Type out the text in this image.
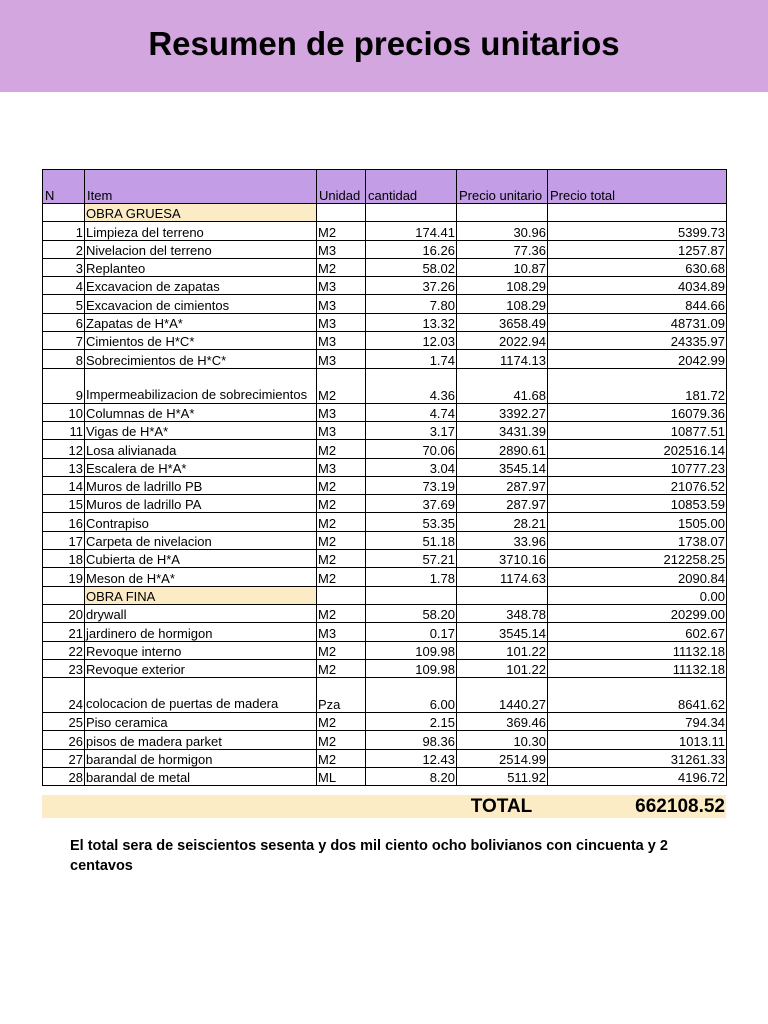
Resumen de precios unitarios
N	Item	Unidad	cantidad	Precio unitario	Precio total
	OBRA GRUESA				
1	Limpieza del terreno	M2	174.41	30.96	5399.73
2	Nivelacion del terreno	M3	16.26	77.36	1257.87
3	Replanteo	M2	58.02	10.87	630.68
4	Excavacion de zapatas	M3	37.26	108.29	4034.89
5	Excavacion de cimientos	M3	7.80	108.29	844.66
6	Zapatas de H*A*	M3	13.32	3658.49	48731.09
7	Cimientos de H*C*	M3	12.03	2022.94	24335.97
8	Sobrecimientos de H*C*	M3	1.74	1174.13	2042.99
9	Impermeabilizacion de sobrecimientos	M2	4.36	41.68	181.72
10	Columnas de H*A*	M3	4.74	3392.27	16079.36
11	Vigas de H*A*	M3	3.17	3431.39	10877.51
12	Losa alivianada	M2	70.06	2890.61	202516.14
13	Escalera de H*A*	M3	3.04	3545.14	10777.23
14	Muros de ladrillo PB	M2	73.19	287.97	21076.52
15	Muros de ladrillo PA	M2	37.69	287.97	10853.59
16	Contrapiso	M2	53.35	28.21	1505.00
17	Carpeta de nivelacion	M2	51.18	33.96	1738.07
18	Cubierta de H*A	M2	57.21	3710.16	212258.25
19	Meson de H*A*	M2	1.78	1174.63	2090.84
	OBRA FINA				0.00
20	drywall	M2	58.20	348.78	20299.00
21	jardinero de hormigon	M3	0.17	3545.14	602.67
22	Revoque interno	M2	109.98	101.22	11132.18
23	Revoque exterior	M2	109.98	101.22	11132.18
24	colocacion de puertas de madera	Pza	6.00	1440.27	8641.62
25	Piso ceramica	M2	2.15	369.46	794.34
26	pisos de madera parket	M2	98.36	10.30	1013.11
27	barandal de hormigon	M2	12.43	2514.99	31261.33
28	barandal de metal	ML	8.20	511.92	4196.72
	TOTAL	662108.52
El total sera de seiscientos sesenta y dos mil ciento ocho bolivianos con cincuenta y 2 centavos
